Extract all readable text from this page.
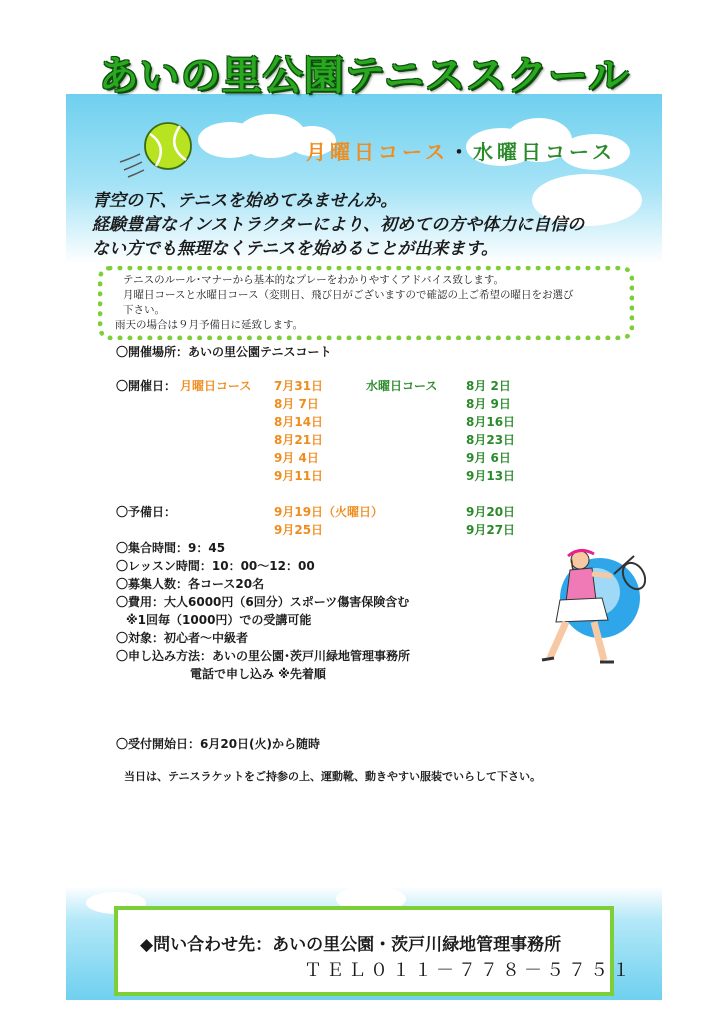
あいの里公園テニススクール
月曜日コース・水曜日コース
青空の下、テニスを始めてみませんか。
経験豊富なインストラクターにより、初めての方や体力に自信の
ない方でも無理なくテニスを始めることが出来ます。

テニスのルール･マナーから基本的なプレーをわかりやすくアドバイス致します。

月曜日コースと水曜日コース（変則日、飛び日がございますので確認の上ご希望の曜日をお選び

下さい。

雨天の場合は９月予備日に延致します。

〇開催場所：あいの里公園テニスコート
〇開催日： 月曜日コース	水曜日コース
7月31日
8月 7日
8月14日
8月21日
9月 4日
9月11日
8月 2日
8月 9日
8月16日
8月23日
9月 6日
9月13日
〇予備日：	9月19日（火曜日）
9月25日
9月20日
9月27日
〇集合時間：9：45
〇レッスン時間：10：00～12：00
〇募集人数：各コース20名
〇費用：大人6000円（6回分）スポーツ傷害保険含む
※1回毎（1000円）での受講可能
〇対象：初心者～中級者
〇申し込み方法：あいの里公園･茨戸川緑地管理事務所
電話で申し込み ※先着順
〇受付開始日：6月20日(火)から随時
当日は、テニスラケットをご持参の上、運動靴、動きやすい服装でいらして下さい。
◆問い合わせ先：あいの里公園・茨戸川緑地管理事務所
ＴＥＬ０１１－７７８－５７５１
